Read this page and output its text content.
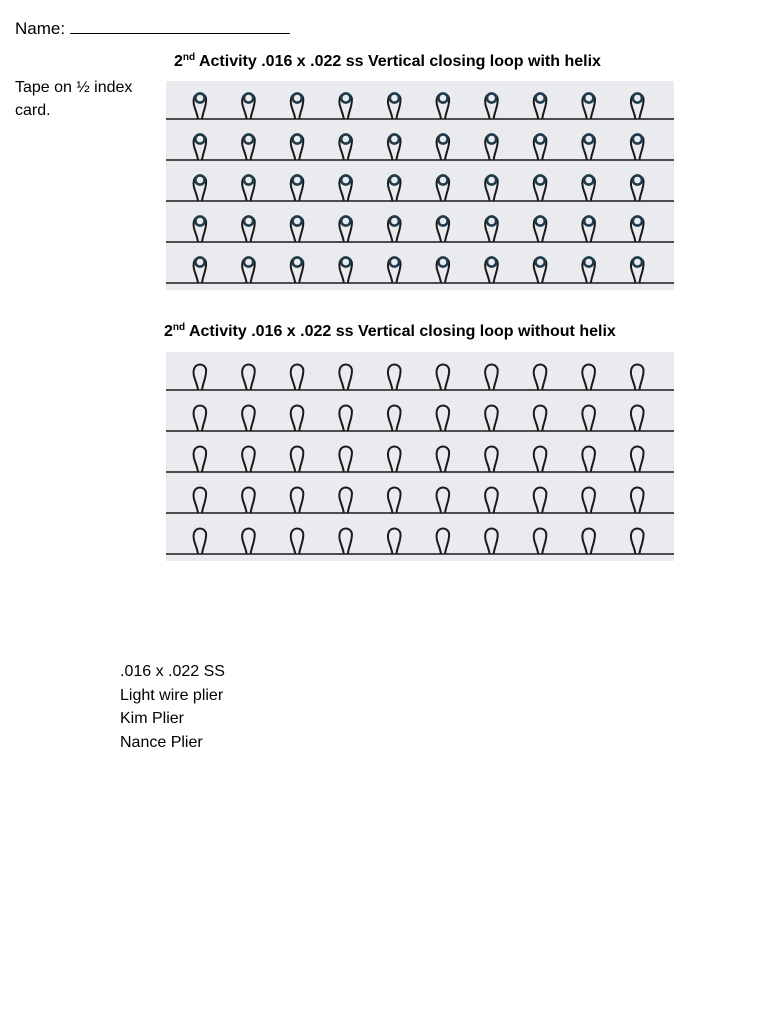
Name:
Tape on ½ index card.
2nd Activity .016 x .022 ss Vertical closing loop with helix
2nd Activity .016 x .022 ss Vertical closing loop without helix
.016 x .022 SS
Light wire plier
Kim Plier
Nance Plier
